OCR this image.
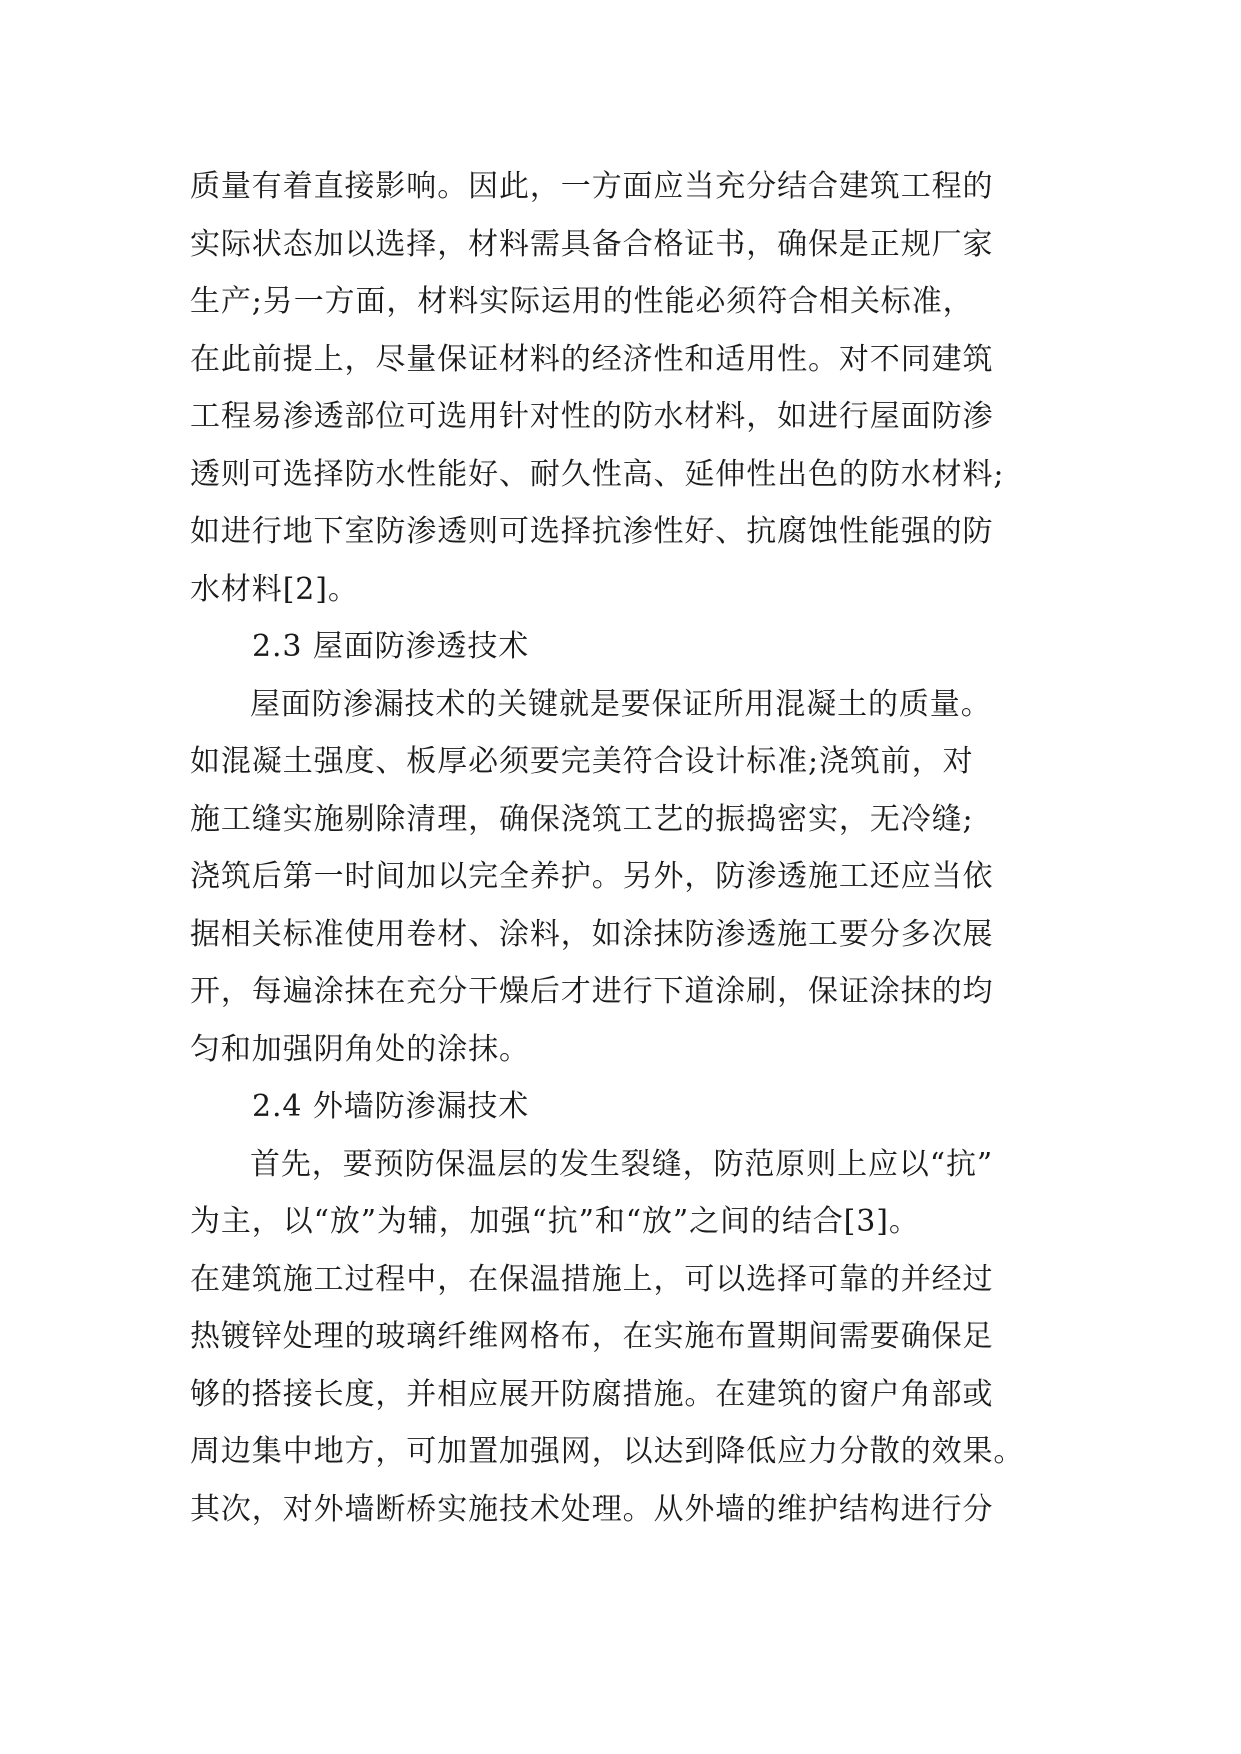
质量有着直接影响。因此，一方面应当充分结合建筑工程的
实际状态加以选择，材料需具备合格证书，确保是正规厂家
生产;另一方面，材料实际运用的性能必须符合相关标准，
在此前提上，尽量保证材料的经济性和适用性。对不同建筑
工程易渗透部位可选用针对性的防水材料，如进行屋面防渗
透则可选择防水性能好、耐久性高、延伸性出色的防水材料;
如进行地下室防渗透则可选择抗渗性好、抗腐蚀性能强的防
水材料[2]。
2.3 屋面防渗透技术
屋面防渗漏技术的关键就是要保证所用混凝土的质量。
如混凝土强度、板厚必须要完美符合设计标准;浇筑前，对
施工缝实施剔除清理，确保浇筑工艺的振捣密实，无冷缝;
浇筑后第一时间加以完全养护。另外，防渗透施工还应当依
据相关标准使用卷材、涂料，如涂抹防渗透施工要分多次展
开，每遍涂抹在充分干燥后才进行下道涂刷，保证涂抹的均
匀和加强阴角处的涂抹。
2.4 外墙防渗漏技术
首先，要预防保温层的发生裂缝，防范原则上应以“抗”
为主，以“放”为辅，加强“抗”和“放”之间的结合[3]。
在建筑施工过程中，在保温措施上，可以选择可靠的并经过
热镀锌处理的玻璃纤维网格布，在实施布置期间需要确保足
够的搭接长度，并相应展开防腐措施。在建筑的窗户角部或
周边集中地方，可加置加强网，以达到降低应力分散的效果。
其次，对外墙断桥实施技术处理。从外墙的维护结构进行分
